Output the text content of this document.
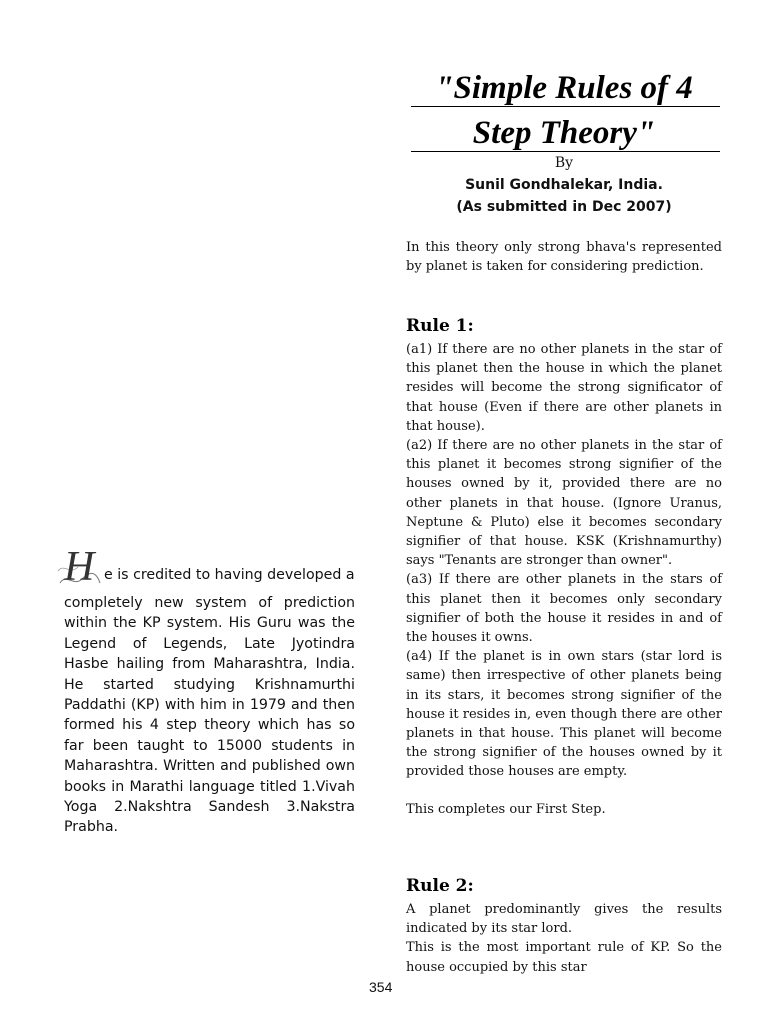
"Simple Rules of 4
Step Theory"
By
Sunil Gondhalekar, India.
(As submitted in Dec 2007)
In this theory only strong bhava's represented by planet is taken for considering prediction.
Rule 1:

(a1) If there are no other planets in the star of this planet then the house in which the planet resides will become the strong significator of that house (Even if there are other planets in that house).

(a2) If there are no other planets in the star of this planet it becomes strong signifier of the houses owned by it, provided there are no other planets in that house. (Ignore Uranus, Neptune & Pluto) else it becomes secondary signifier of that house. KSK (Krishnamurthy) says "Tenants are stronger than owner".

(a3) If there are other planets in the stars of this planet then it becomes only secondary signifier of both the house it resides in and of the houses it owns.

(a4) If the planet is in own stars (star lord is same) then irrespective of other planets being in its stars, it becomes strong signifier of the house it resides in, even though there are other planets in that house. This planet will become the strong signifier of the houses owned by it provided those houses are empty.

This completes our First Step.

Rule 2:

A planet predominantly gives the results indicated by its star lord.

This is the most important rule of KP. So the house occupied by this star

H e is credited to having developed a

completely new system of prediction within the KP system. His Guru was the Legend of Legends, Late Jyotindra Hasbe hailing from Maharashtra, India. He started studying Krishnamurthi Paddathi (KP) with him in 1979 and then formed his 4 step theory which has so far been taught to 15000 students in Maharashtra. Written and published own books in Marathi language titled 1.Vivah Yoga 2.Nakshtra Sandesh 3.Nakstra Prabha.

354
